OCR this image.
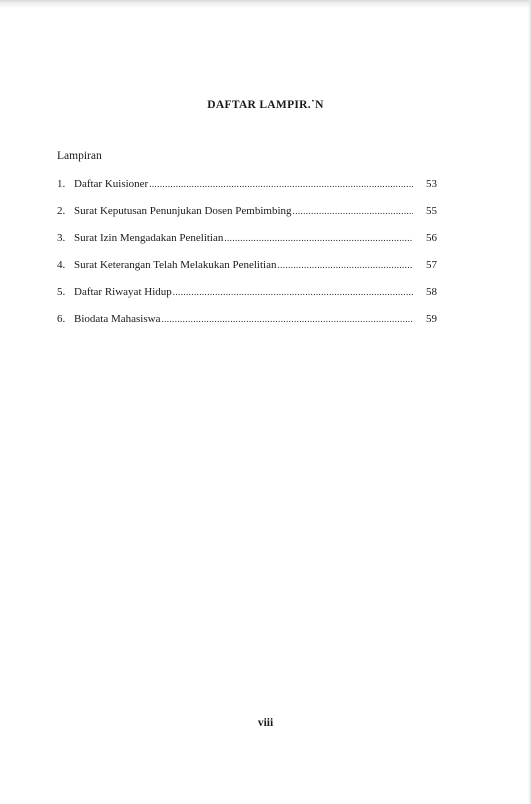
DAFTAR LAMPIR.˙N
Lampiran
1. Daftar Kuisioner .....	53
2. Surat Keputusan Penunjukan Dosen Pembimbing .....	55
3. Surat Izin Mengadakan Penelitian .....	56
4. Surat Keterangan Telah Melakukan Penelitian .....	57
5. Daftar Riwayat Hidup .....	58
6. Biodata Mahasiswa .....	59
viii
